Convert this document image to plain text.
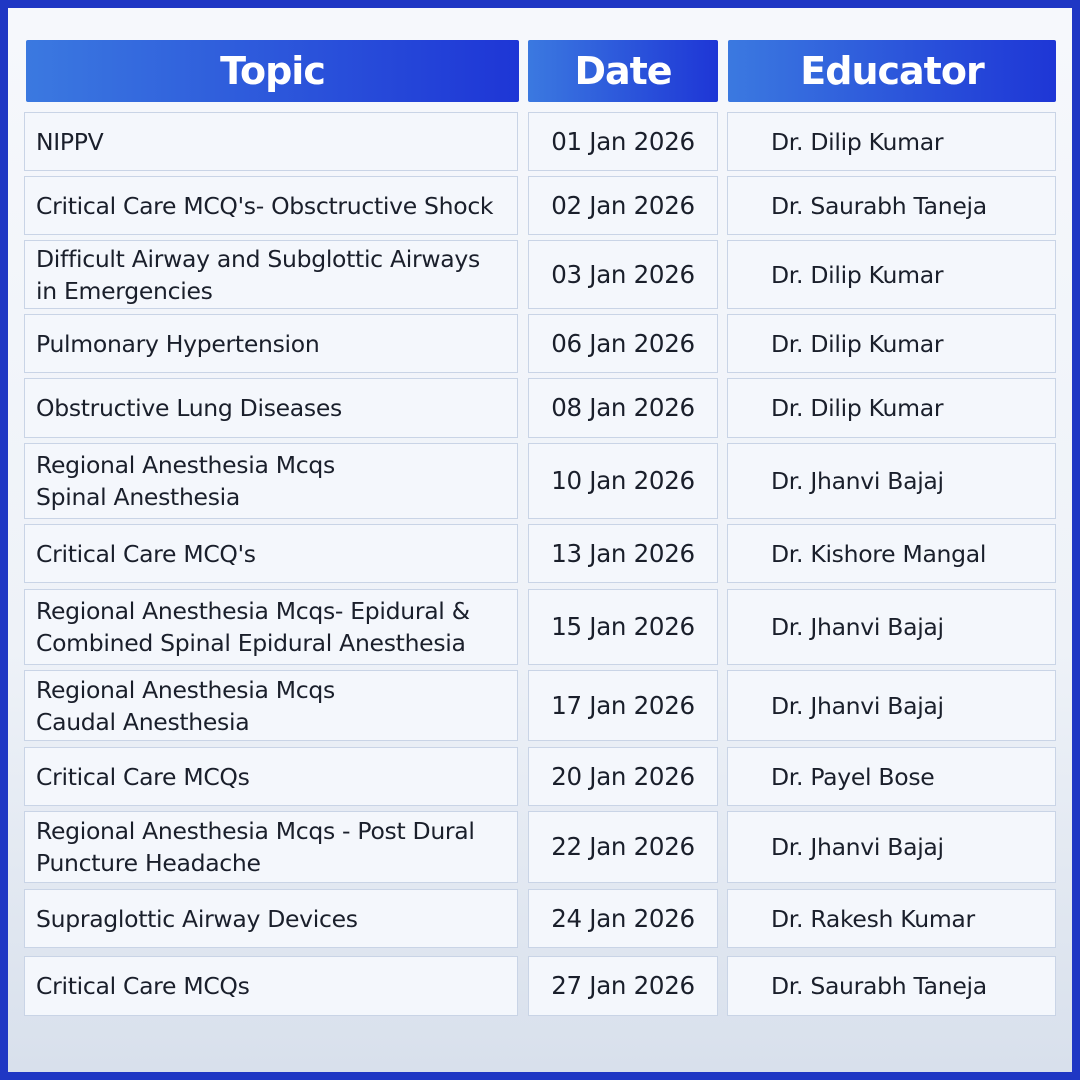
Topic	Date	Educator
NIPPV	01 Jan 2026	Dr. Dilip Kumar
Critical Care MCQ's- Obsctructive Shock	02 Jan 2026	Dr. Saurabh Taneja
Difficult Airway and Subglottic Airways
in Emergencies
03 Jan 2026	Dr. Dilip Kumar
Pulmonary Hypertension	06 Jan 2026	Dr. Dilip Kumar
Obstructive Lung Diseases	08 Jan 2026	Dr. Dilip Kumar
Regional Anesthesia Mcqs
Spinal Anesthesia
10 Jan 2026	Dr. Jhanvi Bajaj
Critical Care MCQ's	13 Jan 2026	Dr. Kishore Mangal
Regional Anesthesia Mcqs- Epidural &
Combined Spinal Epidural Anesthesia
15 Jan 2026	Dr. Jhanvi Bajaj
Regional Anesthesia Mcqs
Caudal Anesthesia
17 Jan 2026	Dr. Jhanvi Bajaj
Critical Care MCQs	20 Jan 2026	Dr. Payel Bose
Regional Anesthesia Mcqs - Post Dural
Puncture Headache
22 Jan 2026	Dr. Jhanvi Bajaj
Supraglottic Airway Devices	24 Jan 2026	Dr. Rakesh Kumar
Critical Care MCQs	27 Jan 2026	Dr. Saurabh Taneja
